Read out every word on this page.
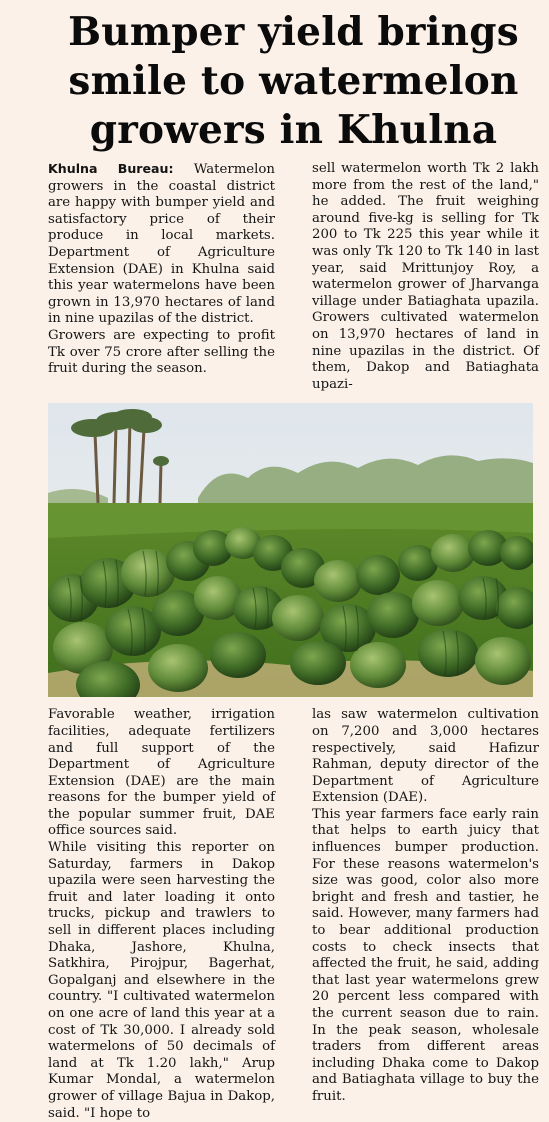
Bumper yield brings
smile to watermelon
growers in Khulna

Khulna Bureau: Watermelon growers in the coastal district are happy with bumper yield and satisfactory price of their produce in local markets. Department of Agriculture Extension (DAE) in Khulna said this year watermelons have been grown in 13,970 hectares of land in nine upazilas of the district.

Growers are expecting to profit Tk over 75 crore after selling the fruit during the season.

sell watermelon worth Tk 2 lakh more from the rest of the land," he added. The fruit weighing around five-kg is selling for Tk 200 to Tk 225 this year while it was only Tk 120 to Tk 140 in last year, said Mrittunjoy Roy, a watermelon grower of Jharvanga village under Batiaghata upazila. Growers cultivated watermelon on 13,970 hectares of land in nine upazilas in the district. Of them, Dakop and Batiaghata upazi-

Favorable weather, irrigation facilities, adequate fertilizers and full support of the Department of Agriculture Extension (DAE) are the main reasons for the bumper yield of the popular summer fruit, DAE office sources said.

While visiting this reporter on Saturday, farmers in Dakop upazila were seen harvesting the fruit and later loading it onto trucks, pickup and trawlers to sell in different places including Dhaka, Jashore, Khulna, Satkhira, Pirojpur, Bagerhat, Gopalganj and elsewhere in the country. "I cultivated watermelon on one acre of land this year at a cost of Tk 30,000. I already sold watermelons of 50 decimals of land at Tk 1.20 lakh," Arup Kumar Mondal, a watermelon grower of village Bajua in Dakop, said. "I hope to

las saw watermelon cultivation on 7,200 and 3,000 hectares respectively, said Hafizur Rahman, deputy director of the Department of Agriculture Extension (DAE).

This year farmers face early rain that helps to earth juicy that influences bumper production. For these reasons watermelon's size was good, color also more bright and fresh and tastier, he said. However, many farmers had to bear additional production costs to check insects that affected the fruit, he said, adding that last year watermelons grew 20 percent less compared with the current season due to rain. In the peak season, wholesale traders from different areas including Dhaka come to Dakop and Batiaghata village to buy the fruit.
